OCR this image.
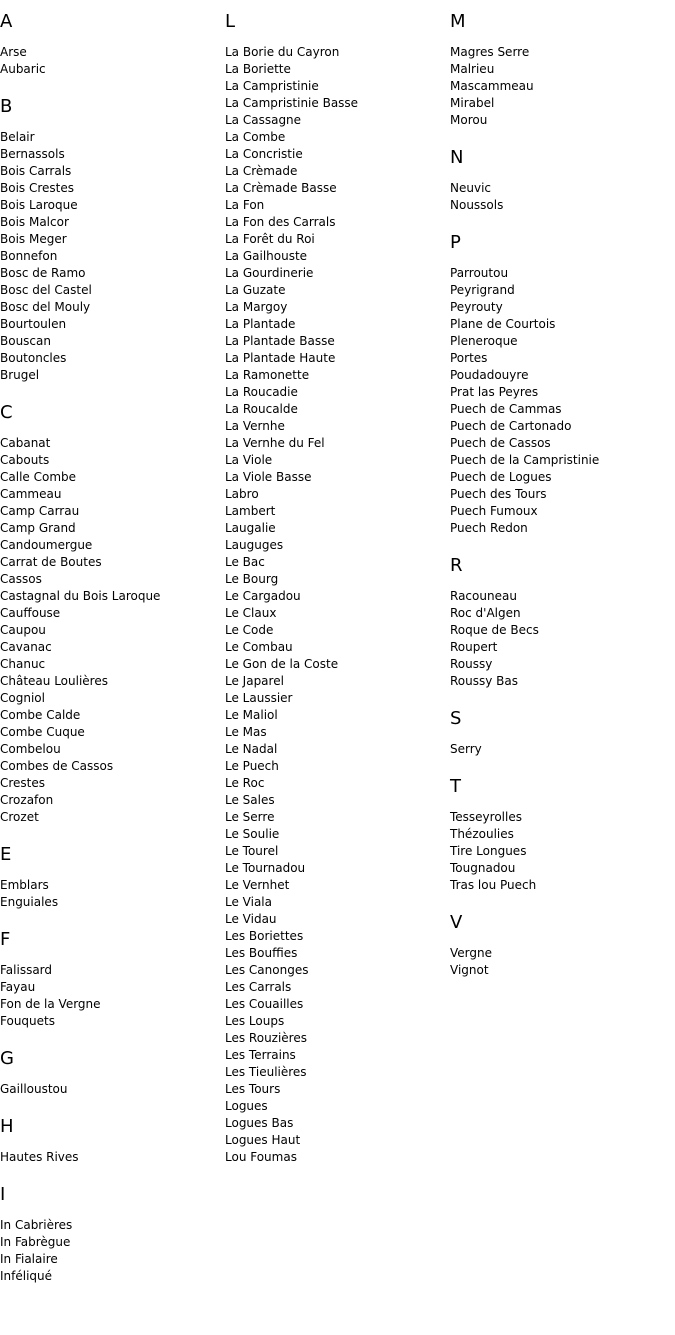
A
Arse
Aubaric
B
Belair
Bernassols
Bois Carrals
Bois Crestes
Bois Laroque
Bois Malcor
Bois Meger
Bonnefon
Bosc de Ramo
Bosc del Castel
Bosc del Mouly
Bourtoulen
Bouscan
Boutoncles
Brugel
C
Cabanat
Cabouts
Calle Combe
Cammeau
Camp Carrau
Camp Grand
Candoumergue
Carrat de Boutes
Cassos
Castagnal du Bois Laroque
Cauffouse
Caupou
Cavanac
Chanuc
Château Loulières
Cogniol
Combe Calde
Combe Cuque
Combelou
Combes de Cassos
Crestes
Crozafon
Crozet
E
Emblars
Enguiales
F
Falissard
Fayau
Fon de la Vergne
Fouquets
G
Gailloustou
H
Hautes Rives
I
In Cabrières
In Fabrègue
In Fialaire
Inféliqué
L
La Borie du Cayron
La Boriette
La Campristinie
La Campristinie Basse
La Cassagne
La Combe
La Concristie
La Crèmade
La Crèmade Basse
La Fon
La Fon des Carrals
La Forêt du Roi
La Gailhouste
La Gourdinerie
La Guzate
La Margoy
La Plantade
La Plantade Basse
La Plantade Haute
La Ramonette
La Roucadie
La Roucalde
La Vernhe
La Vernhe du Fel
La Viole
La Viole Basse
Labro
Lambert
Laugalie
Lauguges
Le Bac
Le Bourg
Le Cargadou
Le Claux
Le Code
Le Combau
Le Gon de la Coste
Le Japarel
Le Laussier
Le Maliol
Le Mas
Le Nadal
Le Puech
Le Roc
Le Sales
Le Serre
Le Soulie
Le Tourel
Le Tournadou
Le Vernhet
Le Viala
Le Vidau
Les Boriettes
Les Bouffies
Les Canonges
Les Carrals
Les Couailles
Les Loups
Les Rouzières
Les Terrains
Les Tieulières
Les Tours
Logues
Logues Bas
Logues Haut
Lou Foumas
M
Magres Serre
Malrieu
Mascammeau
Mirabel
Morou
N
Neuvic
Noussols
P
Parroutou
Peyrigrand
Peyrouty
Plane de Courtois
Pleneroque
Portes
Poudadouyre
Prat las Peyres
Puech de Cammas
Puech de Cartonado
Puech de Cassos
Puech de la Campristinie
Puech de Logues
Puech des Tours
Puech Fumoux
Puech Redon
R
Racouneau
Roc d'Algen
Roque de Becs
Roupert
Roussy
Roussy Bas
S
Serry
T
Tesseyrolles
Thézoulies
Tire Longues
Tougnadou
Tras lou Puech
V
Vergne
Vignot
